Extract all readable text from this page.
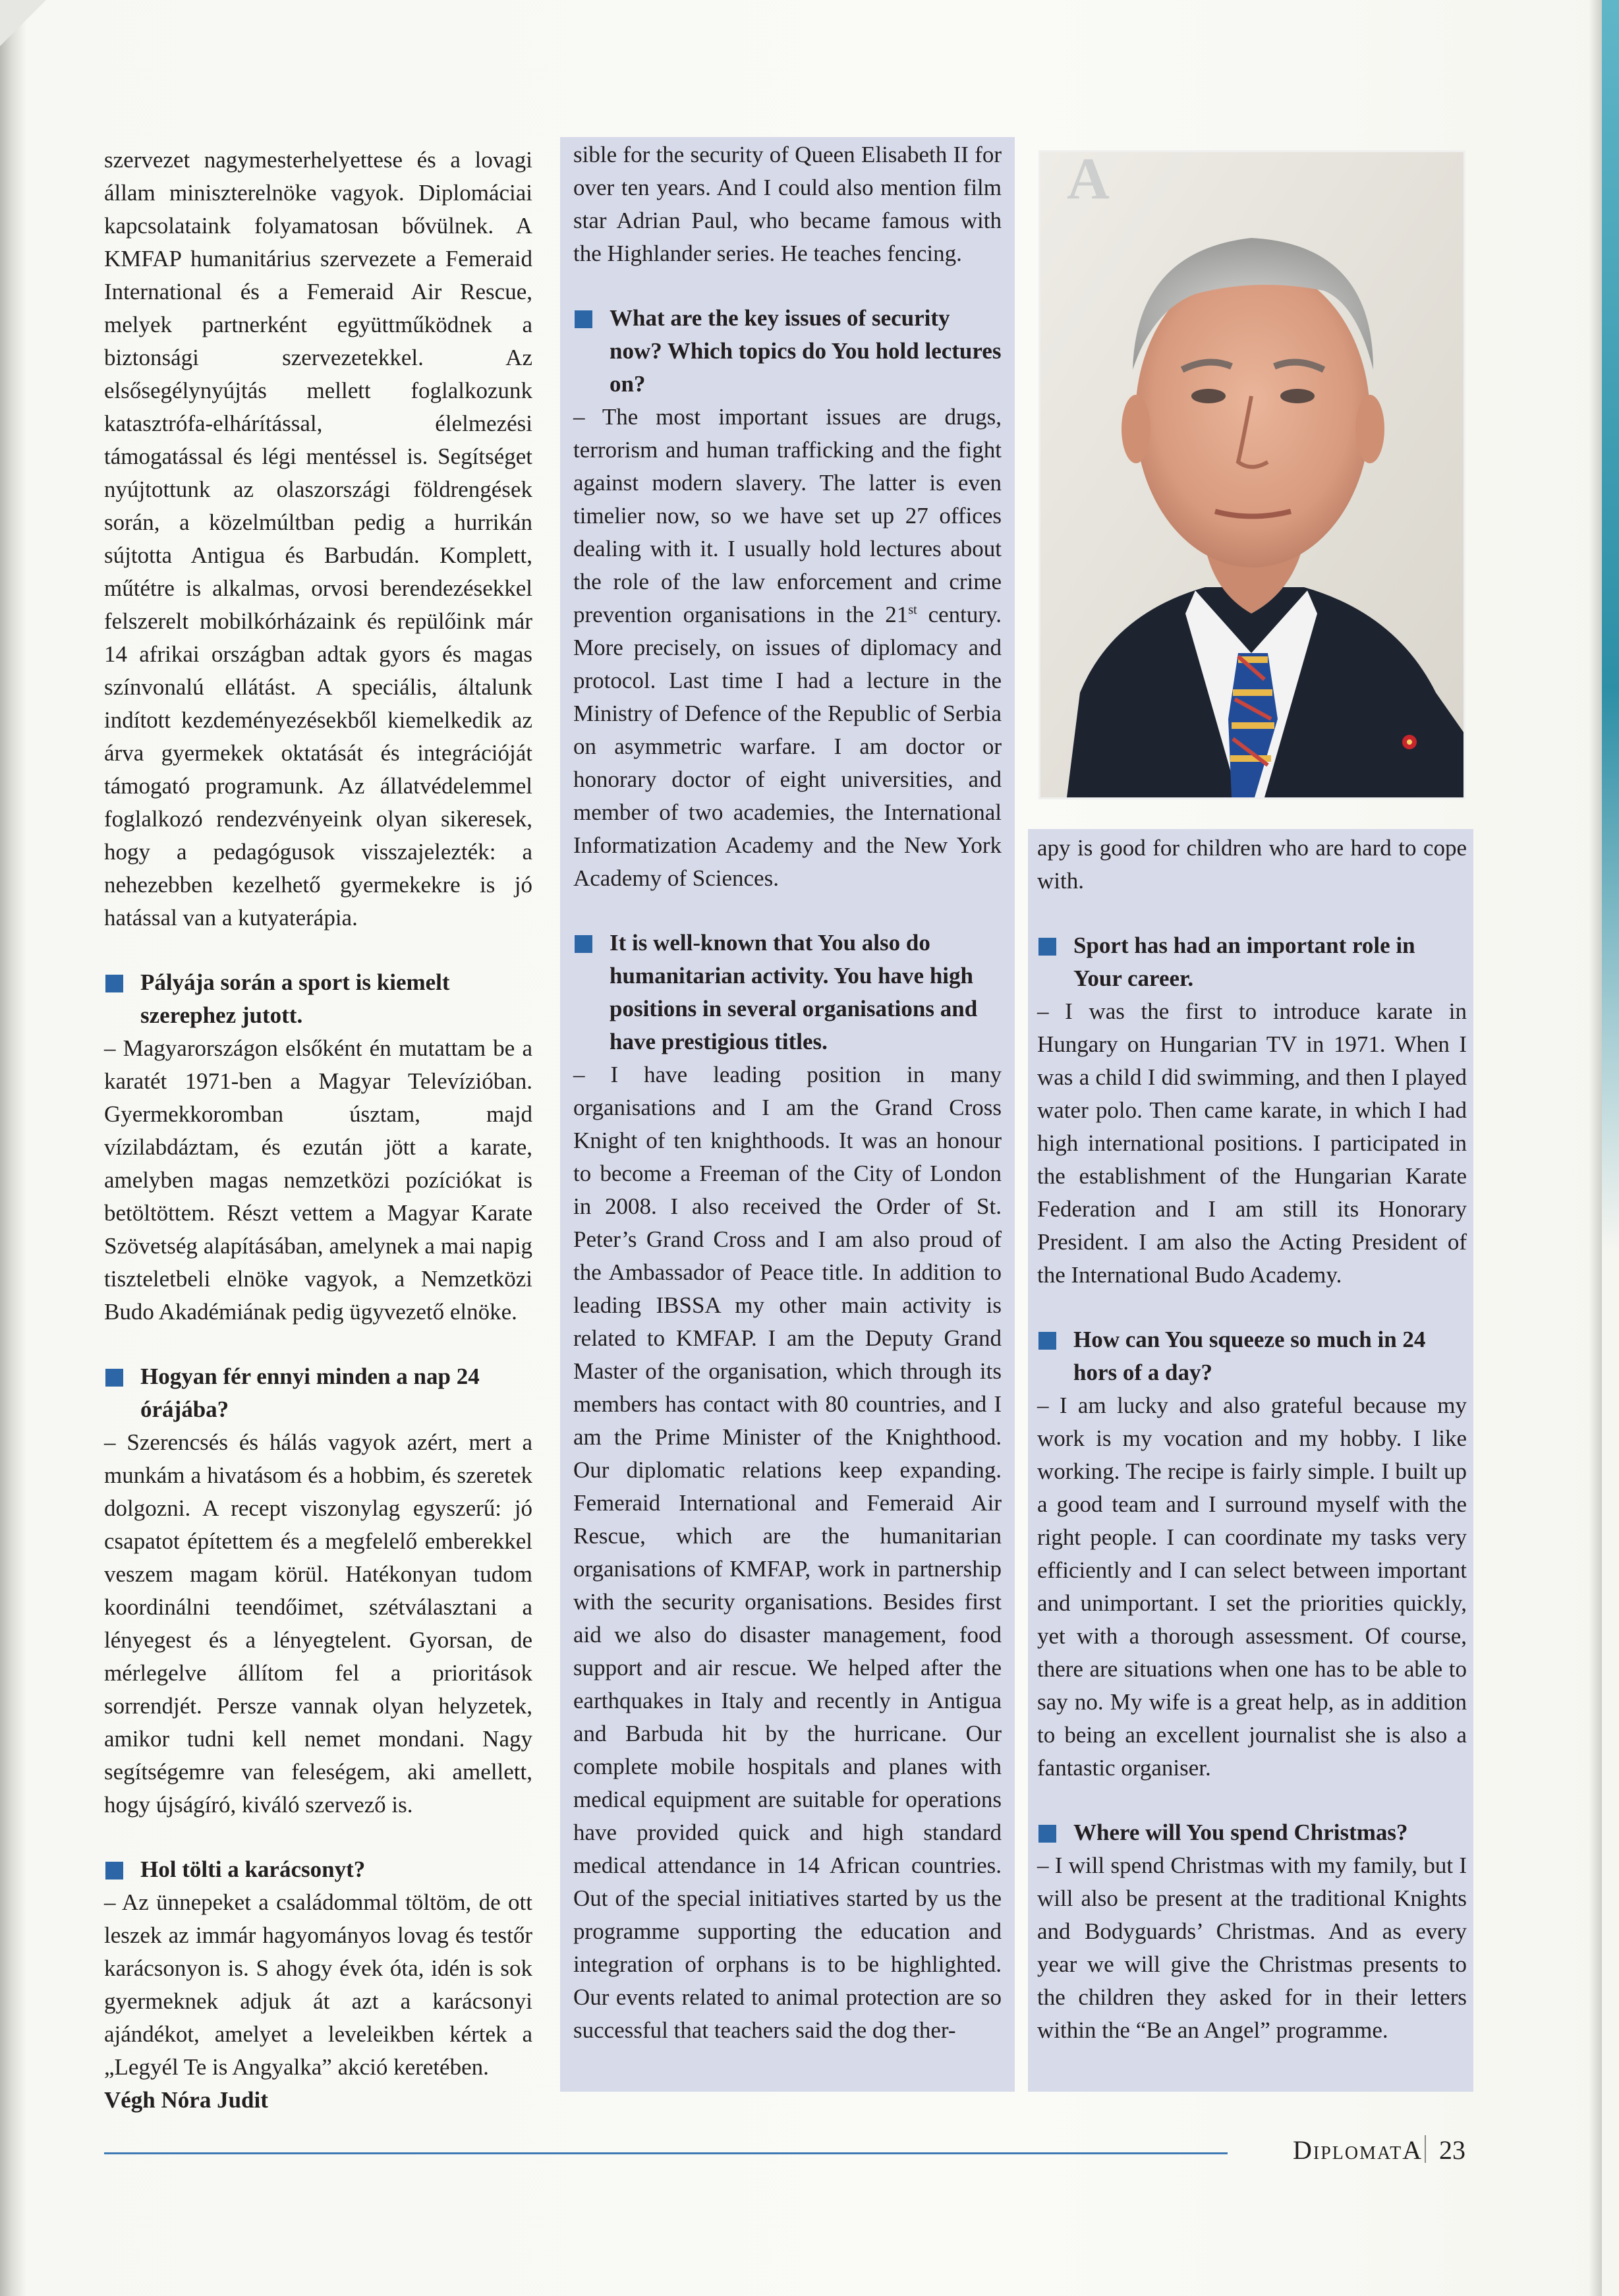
szervezet nagymesterhelyettese és a lovagi állam miniszterelnöke vagyok. Diplomáciai kapcsolataink folyamatosan bővülnek. A KMFAP humanitárius szervezete a Femeraid International és a Femeraid Air Rescue, melyek partnerként együttműködnek a biztonsági szervezetekkel. Az elsősegélynyújtás mellett foglalkozunk katasztrófa-elhárítással, élelmezési támogatással és légi mentéssel is. Segítséget nyújtottunk az olaszországi földrengések során, a közelmúltban pedig a hurrikán sújtotta Antigua és Barbudán. Komplett, műtétre is alkalmas, orvosi berendezésekkel felszerelt mobilkórházaink és repülőink már 14 afrikai országban adtak gyors és magas színvonalú ellátást. A speciális, általunk indított kezdeményezésekből kiemelkedik az árva gyermekek oktatását és integrációját támogató programunk. Az állatvédelemmel foglalkozó rendezvényeink olyan sikeresek, hogy a pedagógusok visszajelezték: a nehezebben kezelhető gyermekekre is jó hatással van a kutyaterápia.

Pályája során a sport is kiemelt szerephez jutott.

– Magyarországon elsőként én mutattam be a karatét 1971-ben a Magyar Televízióban. Gyermekkoromban úsztam, majd vízilabdáztam, és ezután jött a karate, amelyben magas nemzetközi pozíciókat is betöltöttem. Részt vettem a Magyar Karate Szövetség alapításában, amelynek a mai napig tiszteletbeli elnöke vagyok, a Nemzetközi Budo Akadémiának pedig ügyvezető elnöke.

Hogyan fér ennyi minden a nap 24 órájába?

– Szerencsés és hálás vagyok azért, mert a munkám a hivatásom és a hobbim, és szeretek dolgozni. A recept viszonylag egyszerű: jó csapatot építettem és a megfelelő emberekkel veszem magam körül. Hatékonyan tudom koordinálni teendőimet, szétválasztani a lényegest és a lényegtelent. Gyorsan, de mérlegelve állítom fel a prioritások sorrendjét. Persze vannak olyan helyzetek, amikor tudni kell nemet mondani. Nagy segítségemre van feleségem, aki amellett, hogy újságíró, kiváló szervező is.

Hol tölti a karácsonyt?

– Az ünnepeket a családommal töltöm, de ott leszek az immár hagyományos lovag és testőr karácsonyon is. S ahogy évek óta, idén is sok gyermeknek adjuk át azt a karácsonyi ajándékot, amelyet a leveleikben kértek a „Legyél Te is Angyalka” akció keretében.

Végh Nóra Judit

sible for the security of Queen Elisabeth II for over ten years. And I could also mention film star Adrian Paul, who became famous with the Highlander series. He teaches fencing.

What are the key issues of security now? Which topics do You hold lectures on?

– The most important issues are drugs, terrorism and human trafficking and the fight against modern slavery. The latter is even timelier now, so we have set up 27 offices dealing with it. I usually hold lectures about the role of the law enforcement and crime prevention organisations in the 21st century. More precisely, on issues of diplomacy and protocol. Last time I had a lecture in the Ministry of Defence of the Republic of Serbia on asymmetric warfare. I am doctor or honorary doctor of eight universities, and member of two academies, the International Informatization Academy and the New York Academy of Sciences.

It is well-known that You also do humanitarian activity. You have high positions in several organisations and have prestigious titles.

– I have leading position in many organisations and I am the Grand Cross Knight of ten knighthoods. It was an honour to become a Freeman of the City of London in 2008. I also received the Order of St. Peter’s Grand Cross and I am also proud of the Ambassador of Peace title. In addition to leading IBSSA my other main activity is related to KMFAP. I am the Deputy Grand Master of the organisation, which through its members has contact with 80 countries, and I am the Prime Minister of the Knighthood. Our diplomatic relations keep expanding. Femeraid International and Femeraid Air Rescue, which are the humanitarian organisations of KMFAP, work in partnership with the security organisations. Besides first aid we also do disaster management, food support and air rescue. We helped after the earthquakes in Italy and recently in Antigua and Barbuda hit by the hurricane. Our complete mobile hospitals and planes with medical equipment are suitable for operations have provided quick and high standard medical attendance in 14 African countries. Out of the special initiatives started by us the programme supporting the education and integration of orphans is to be highlighted. Our events related to animal protection are so successful that teachers said the dog ther-

A

apy is good for children who are hard to cope with.

Sport has had an important role in Your career.

– I was the first to introduce karate in Hungary on Hungarian TV in 1971. When I was a child I did swimming, and then I played water polo. Then came karate, in which I had high international positions. I participated in the establishment of the Hungarian Karate Federation and I am still its Honorary President. I am also the Acting President of the International Budo Academy.

How can You squeeze so much in 24 hors of a day?

– I am lucky and also grateful because my work is my vocation and my hobby. I like working. The recipe is fairly simple. I built up a good team and I surround myself with the right people. I can coordinate my tasks very efficiently and I can select between important and unimportant. I set the priorities quickly, yet with a thorough assessment. Of course, there are situations when one has to be able to say no. My wife is a great help, as in addition to being an excellent journalist she is also a fantastic organiser.

Where will You spend Christmas?

– I will spend Christmas with my family, but I will also be present at the traditional Knights and Bodyguards’ Christmas. And as every year we will give the Christmas presents to the children they asked for in their letters within the “Be an Angel” programme.

DiplomatA 23
